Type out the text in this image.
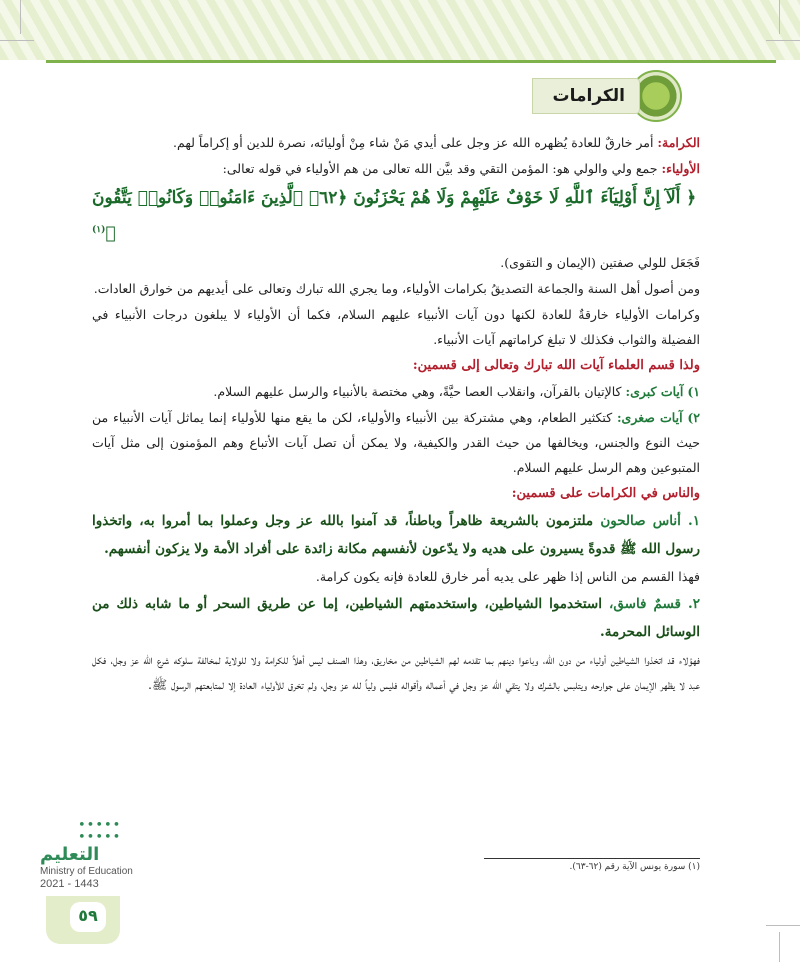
الكرامات
الكرامة: أمر خارقٌ للعادة يُظهره الله عز وجل على أيدي مَنْ شاء مِنْ أوليائه، نصرة للدين أو إكراماً لهم.
الأولياء: جمع ولي والولي هو: المؤمن التقي وقد بيَّن الله تعالى من هم الأولياء في قوله تعالى:
﴿ أَلَآ إِنَّ أَوْلِيَآءَ ٱللَّهِ لَا خَوْفٌ عَلَيْهِمْ وَلَا هُمْ يَحْزَنُونَ ﴿٦٢﴾ ٱلَّذِينَ ءَامَنُوا۟ وَكَانُوا۟ يَتَّقُونَ ﴾$^{(١)}$
فَجَعَل للولي صفتين (الإيمان و التقوى).
ومن أصول أهل السنة والجماعة التصديقُ بكرامات الأولياء، وما يجري الله تبارك وتعالى على أيديهم من خوارق العادات.
وكرامات الأولياء خارقةٌ للعادة لكنها دون آيات الأنبياء عليهم السلام، فكما أن الأولياء لا يبلغون درجات الأنبياء في الفضيلة والثواب فكذلك لا تبلغ كراماتهم آيات الأنبياء.
ولذا قسم العلماء آيات الله تبارك وتعالى إلى قسمين:
١) آيات كبرى: كالإتيان بالقرآن، وانقلاب العصا حيَّةً، وهي مختصة بالأنبياء والرسل عليهم السلام.
٢) آيات صغرى: كتكثير الطعام، وهي مشتركة بين الأنبياء والأولياء، لكن ما يقع منها للأولياء إنما يماثل آيات الأنبياء من حيث النوع والجنس، ويخالفها من حيث القدر والكيفية، ولا يمكن أن تصل آيات الأتباع وهم المؤمنون إلى مثل آيات المتبوعين وهم الرسل عليهم السلام.
والناس في الكرامات على قسمين:
١. أناس صالحون ملتزمون بالشريعة ظاهراً وباطناً، قد آمنوا بالله عز وجل وعملوا بما أمروا به، واتخذوا رسول الله ﷺ قدوةً يسيرون على هديه ولا يدّعون لأنفسهم مكانة زائدة على أفراد الأمة ولا يزكون أنفسهم.
فهذا القسم من الناس إذا ظهر على يديه أمر خارق للعادة فإنه يكون كرامة.
٢. قسمٌ فاسق، استخدموا الشياطين، واستخدمتهم الشياطين، إما عن طريق السحر أو ما شابه ذلك من الوسائل المحرمة.
فهؤلاء قد اتخذوا الشياطين أولياء من دون الله، وباعوا دينهم بما تقدمه لهم الشياطين من مخاريق، وهذا الصنف ليس أهلاً للكرامة ولا للولاية لمخالفة سلوكه شرع الله عز وجل، فكل عبد لا يظهر الإيمان على جوارحه ويتلبس بالشرك ولا يتقي الله عز وجل في أعماله وأقواله فليس ولياً لله عز وجل، ولم تخرق للأولياء العادة إلا لمتابعتهم الرسول ﷺ.
(١) سورة يونس الآية رقم (٦٢-٦٣).
•••••
•••••
التعليم
Ministry of Education
2021 - 1443
٥٩
